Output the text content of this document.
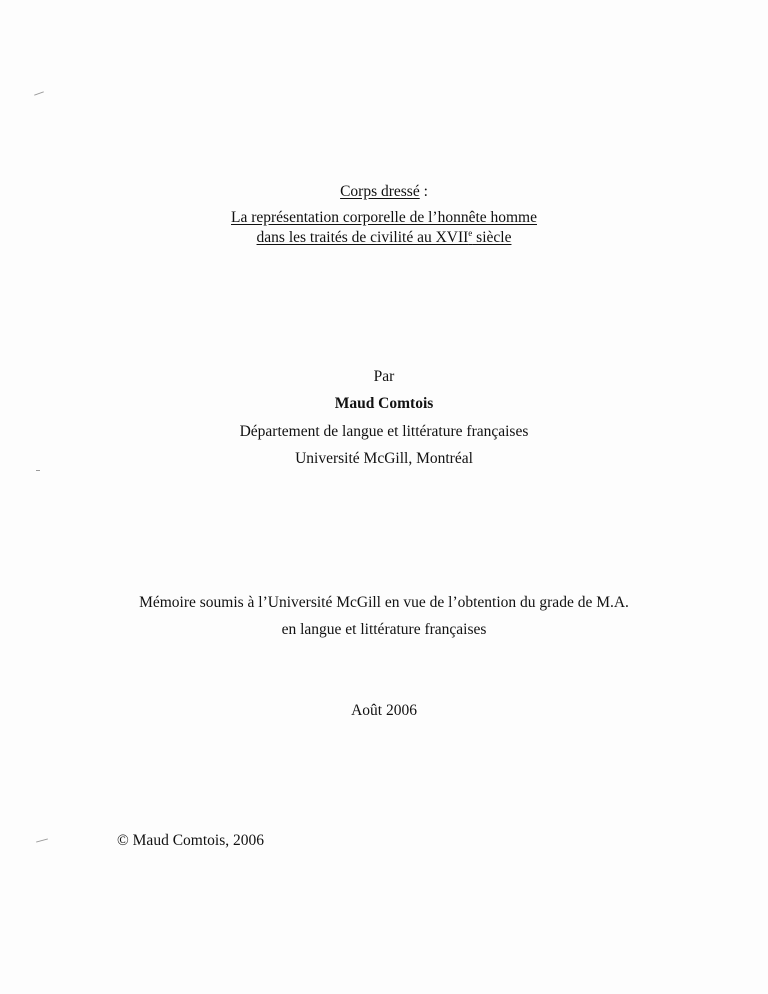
Corps dressé :
La représentation corporelle de l’honnête homme
dans les traités de civilité au XVIIe siècle
Par
Maud Comtois
Département de langue et littérature françaises
Université McGill, Montréal
Mémoire soumis à l’Université McGill en vue de l’obtention du grade de M.A.
en langue et littérature françaises
Août 2006
© Maud Comtois, 2006
